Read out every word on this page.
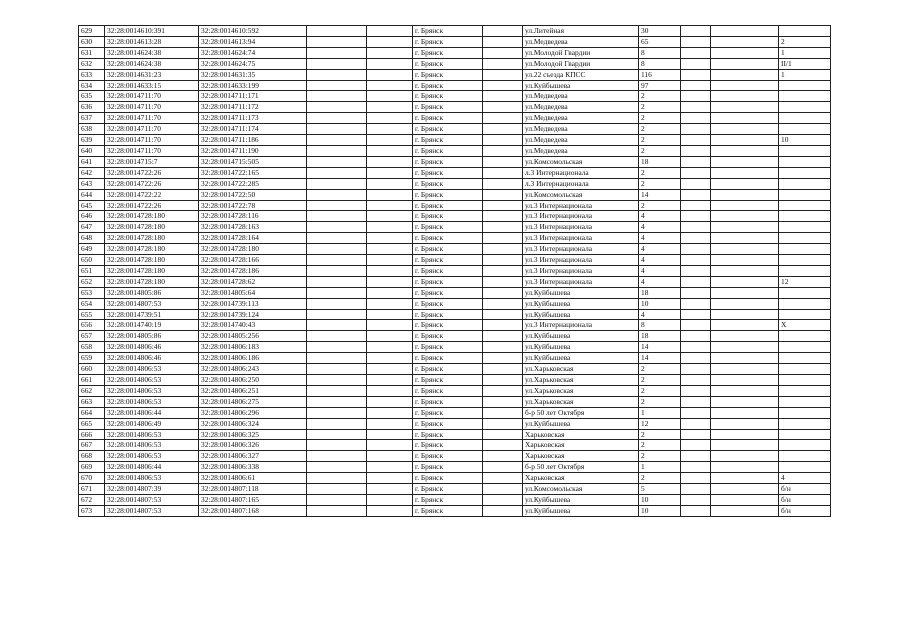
629	32:28:0014610:391	32:28:0014610:592			г. Брянск		ул.Литейная	30			
630	32:28:0014613:28	32:28:0014613:94			г. Брянск		ул.Медведева	65			2
631	32:28:0014624:38	32:28:0014624:74			г. Брянск		ул.Молодой Гвардии	8			1
632	32:28:0014624:38	32:28:0014624:75			г. Брянск		ул.Молодой Гвардии	8			II/1
633	32:28:0014631:23	32:28:0014631:35			г. Брянск		ул.22 съезда КПСС	116			1
634	32:28:0014633:15	32:28:0014633:199			г. Брянск		ул.Куйбышева	97			
635	32:28:0014711:70	32:28:0014711:171			г. Брянск		ул.Медведева	2			
636	32:28:0014711:70	32:28:0014711:172			г. Брянск		ул.Медведева	2			
637	32:28:0014711:70	32:28:0014711:173			г. Брянск		ул.Медведева	2			
638	32:28:0014711:70	32:28:0014711:174			г. Брянск		ул.Медведева	2			
639	32:28:0014711:70	32:28:0014711:186			г. Брянск		ул.Медведева	2			10
640	32:28:0014711:70	32:28:0014711:190			г. Брянск		ул.Медведева	2			
641	32:28:0014715:7	32:28:0014715:505			г. Брянск		ул.Комсомольская	18			
642	32:28:0014722:26	32:28:0014722:165			г. Брянск		л.3 Интернационала	2			
643	32:28:0014722:26	32:28:0014722:285			г. Брянск		л.3 Интернационала	2			
644	32:28:0014722:22	32:28:0014722:50			г. Брянск		ул.Комсомольская	14			
645	32:28:0014722:26	32:28:0014722:78			г. Брянск		ул.3 Интернационала	2			
646	32:28:0014728:180	32:28:0014728:116			г. Брянск		ул.3 Интернационала	4			
647	32:28:0014728:180	32:28:0014728:163			г. Брянск		ул.3 Интернационала	4			
648	32:28:0014728:180	32:28:0014728:164			г. Брянск		ул.3 Интернационала	4			
649	32:28:0014728:180	32:28:0014728:180			г. Брянск		ул.3 Интернационала	4			
650	32:28:0014728:180	32:28:0014728:166			г. Брянск		ул.3 Интернационала	4			
651	32:28:0014728:180	32:28:0014728:186			г. Брянск		ул.3 Интернационала	4			
652	32:28:0014728:180	32:28:0014728:62			г. Брянск		ул.3 Интернационала	4			12
653	32:28:0014805:86	32:28:0014805:64			г. Брянск		ул.Куйбышева	18			
654	32:28:0014807:53	32:28:0014739:113			г. Брянск		ул.Куйбышева	10			
655	32:28:0014739:51	32:28:0014739:124			г. Брянск		ул.Куйбышева	4			
656	32:28:0014740:19	32:28:0014740:43			г. Брянск		ул.3 Интернационала	8			X
657	32:28:0014805:86	32:28:0014805:256			г. Брянск		ул.Куйбышева	18			
658	32:28:0014806:46	32:28:0014806:183			г. Брянск		ул.Куйбышева	14			
659	32:28:0014806:46	32:28:0014806:186			г. Брянск		ул.Куйбышева	14			
660	32:28:0014806:53	32:28:0014806:243			г. Брянск		ул.Харьковская	2			
661	32:28:0014806:53	32:28:0014806:250			г. Брянск		ул.Харьковская	2			
662	32:28:0014806:53	32:28:0014806:251			г. Брянск		ул.Харьковская	2			
663	32:28:0014806:53	32:28:0014806:275			г. Брянск		ул.Харьковская	2			
664	32:28:0014806:44	32:28:0014806:296			г. Брянск		б-р 50 лет Октября	1			
665	32:28:0014806:49	32:28:0014806:324			г. Брянск		ул.Куйбышева	12			
666	32:28:0014806:53	32:28:0014806:325			г. Брянск		Харьковская	2			
667	32:28:0014806:53	32:28:0014806:326			г. Брянск		Харьковская	2			
668	32:28:0014806:53	32:28:0014806:327			г. Брянск		Харьковская	2			
669	32:28:0014806:44	32:28:0014806:338			г. Брянск		б-р 50 лет Октября	1			
670	32:28:0014806:53	32:28:0014806:61			г. Брянск		Харьковская	2			4
671	32:28:0014807:39	32:28:0014807:118			г. Брянск		ул.Комсомольская	5			б/н
672	32:28:0014807:53	32:28:0014807:165			г. Брянск		ул.Куйбышева	10			б/н
673	32:28:0014807:53	32:28:0014807:168			г. Брянск		ул.Куйбышева	10			б/н
